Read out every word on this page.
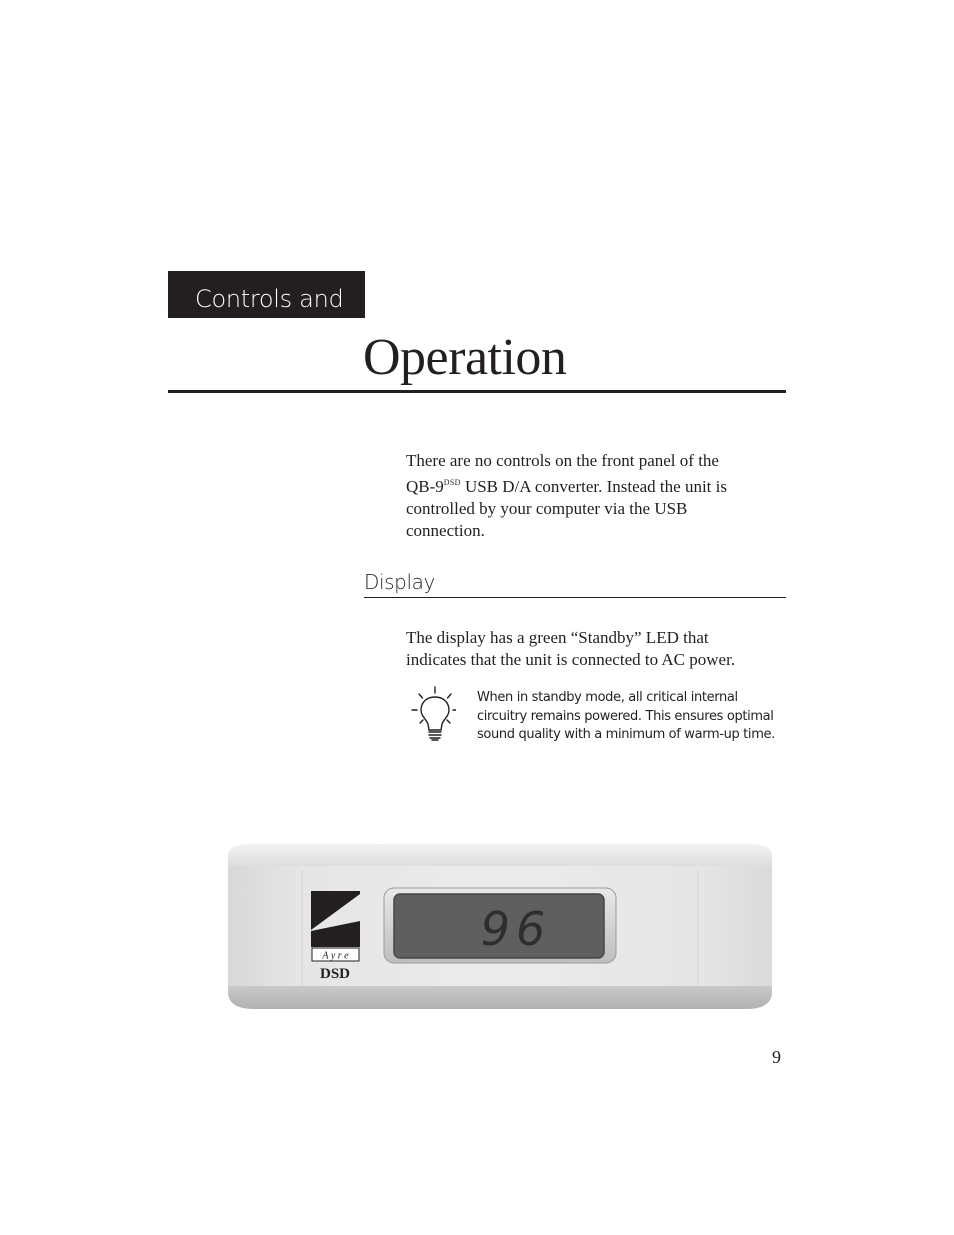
Controls and
Operation
There are no controls on the front panel of the
$QB-9^{DSD}$ USB D/A converter. Instead the unit is
controlled by your computer via the USB
connection.
Display
The display has a green “Standby” LED that
indicates that the unit is connected to AC power.
When in standby mode, all critical internal
circuitry remains powered. This ensures optimal
sound quality with a minimum of warm-up time.
96
A y r e
DSD
9
